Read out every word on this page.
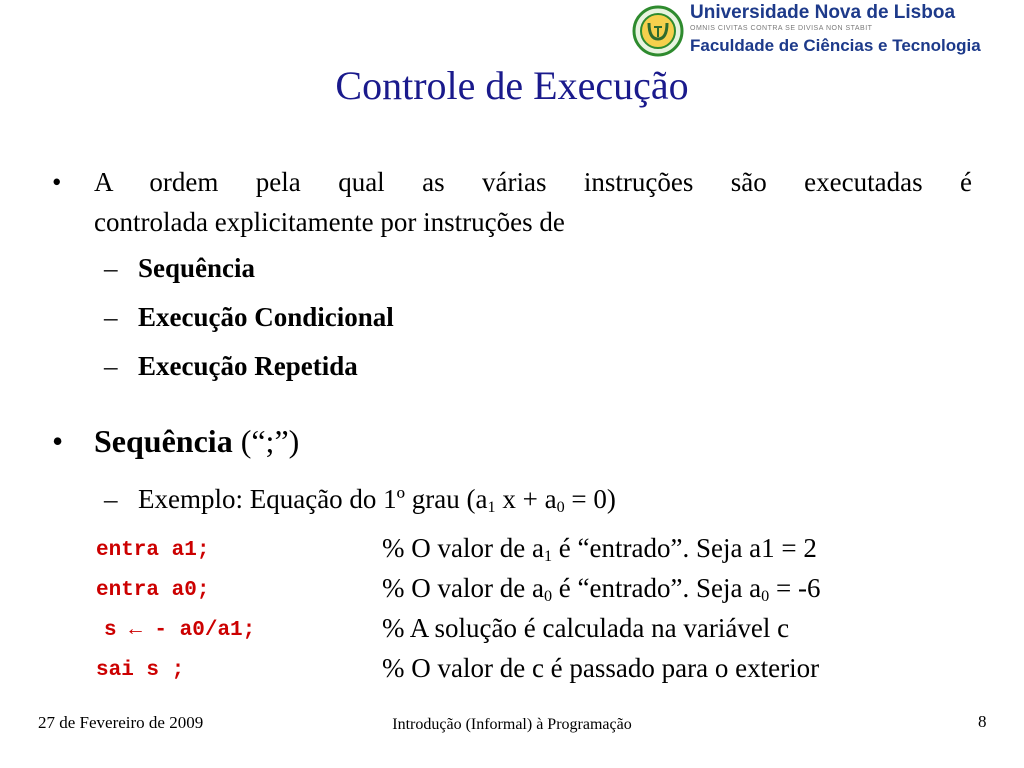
Universidade Nova de Lisboa
OMNIS CIVITAS CONTRA SE DIVISA NON STABIT
Faculdade de Ciências e Tecnologia
Controle de Execução
• A ordem pela qual as várias instruções são executadas é
controlada explicitamente por instruções de
– Sequência
– Execução Condicional
– Execução Repetida
• Sequência (“;”)
– Exemplo: Equação do 1º grau ($a_1$ $x + a_0 = 0$)
entra a1;	% O valor de $a_1$ é “entrado”. Seja a1 = 2
entra a0;	% O valor de $a_0$ é “entrado”. Seja $a_0 = -6$
s ← - a0/a1;	% A solução é calculada na variável c
sai s ;	% O valor de c é passado para o exterior
27 de Fevereiro de 2009	Introdução (Informal) à Programação	8
